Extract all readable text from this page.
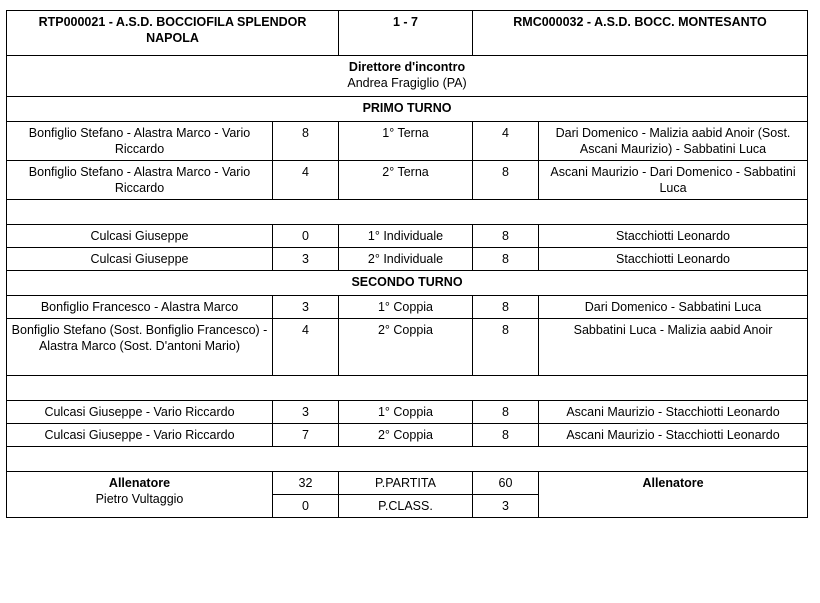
RTP000021 - A.S.D. BOCCIOFILA SPLENDOR NAPOLA		1 - 7	RMC000032 - A.S.D. BOCC. MONTESANTO	

Direttore d'incontro
Andrea Fragiglio (PA)				

PRIMO TURNO				
Bonfiglio Stefano - Alastra Marco - Vario Riccardo	8	1° Terna	4	Dari Domenico - Malizia aabid Anoir (Sost. Ascani Maurizio) - Sabbatini Luca
Bonfiglio Stefano - Alastra Marco - Vario Riccardo	4	2° Terna	8	Ascani Maurizio - Dari Domenico - Sabbatini Luca

Culcasi Giuseppe	0	1° Individuale	8	Stacchiotti Leonardo
Culcasi Giuseppe	3	2° Individuale	8	Stacchiotti Leonardo
SECONDO TURNO				
Bonfiglio Francesco - Alastra Marco	3	1° Coppia	8	Dari Domenico - Sabbatini Luca
Bonfiglio Stefano (Sost. Bonfiglio Francesco) - Alastra Marco (Sost. D'antoni Mario)	4	2° Coppia	8	Sabbatini Luca - Malizia aabid Anoir

Culcasi Giuseppe - Vario Riccardo	3	1° Coppia	8	Ascani Maurizio - Stacchiotti Leonardo
Culcasi Giuseppe - Vario Riccardo	7	2° Coppia	8	Ascani Maurizio - Stacchiotti Leonardo

Allenatore
Pietro Vultaggio	32	P.PARTITA	60	Allenatore
	0	P.CLASS.	3	
